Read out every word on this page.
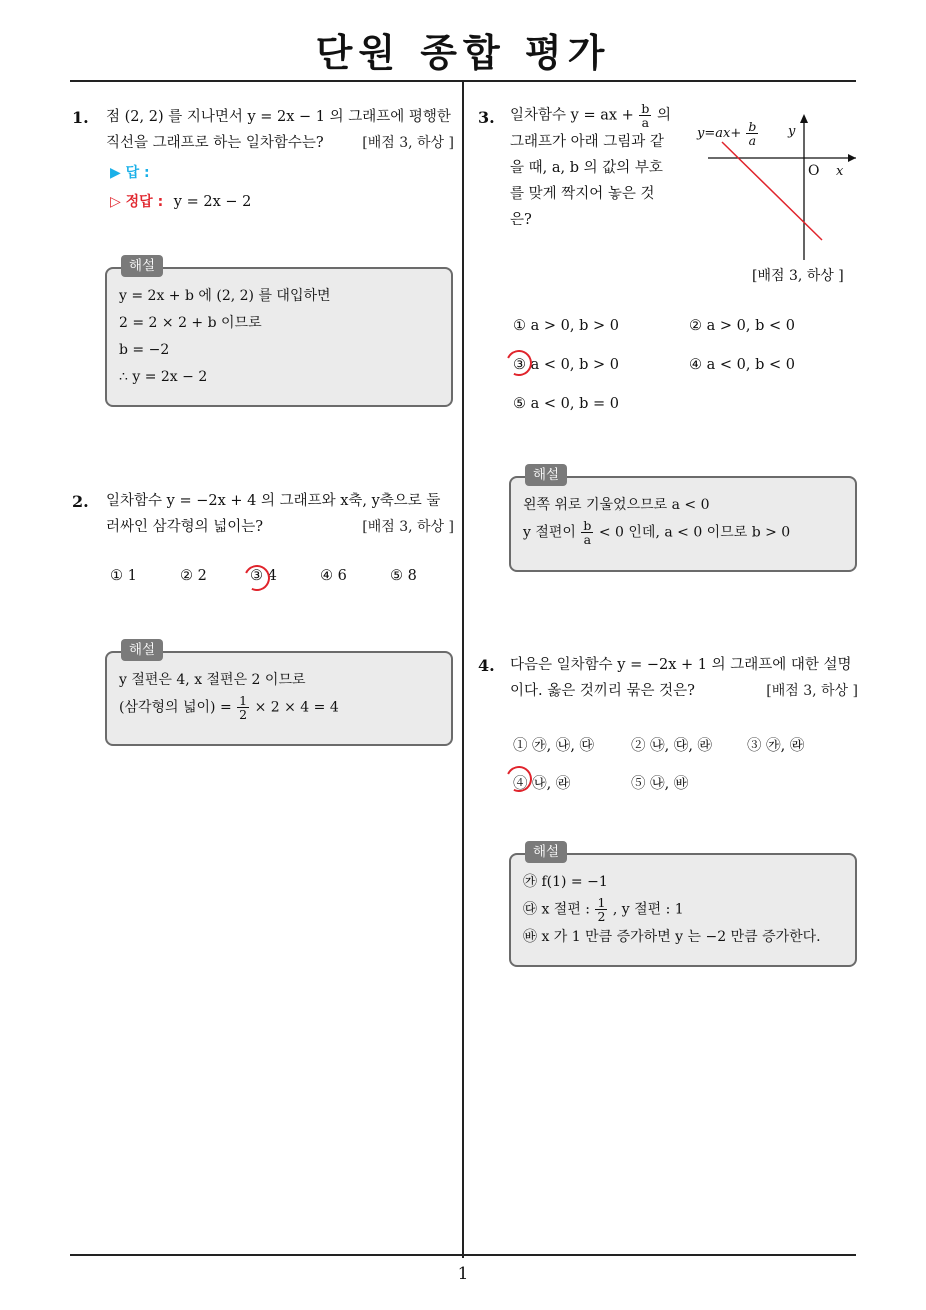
단원 종합 평가
1. 점 (2, 2) 를 지나면서 y = 2x − 1 의 그래프에 평행한
직선을 그래프로 하는 일차함수는?	[배점 3, 하상 ]
▶ 답 :
▷ 정답 : y = 2x − 2
해설
y = 2x + b 에 (2, 2) 를 대입하면
2 = 2 × 2 + b 이므로
b = −2
∴ y = 2x − 2
2. 일차함수 y = −2x + 4 의 그래프와 x축, y축으로 둘
러싸인 삼각형의 넓이는?	[배점 3, 하상 ]
① 1	② 2	③ 4	④ 6	⑤ 8
해설
y 절편은 4, x 절편은 2 이므로
(삼각형의 넓이) = $\frac{1}{2} \times 2 \times 4 = 4$
3. 일차함수 y = ax + $\frac{b}{a}$ 의
그래프가 아래 그림과 같
을 때, a, b 의 값의 부호
를 맞게 짝지어 놓은 것
은?
$y=ax+ \frac{b}{a}$ y
x
O
[배점 3, 하상 ]
① a > 0, b > 0	② a > 0, b < 0
③ a < 0, b > 0	④ a < 0, b < 0
⑤ a < 0, b = 0
해설
왼쪽 위로 기울었으므로 a < 0
y 절편이 $\frac{b}{a} < 0$ 인데, a < 0 이므로 b > 0
4. 다음은 일차함수 y = −2x + 1 의 그래프에 대한 설명
이다. 옳은 것끼리 묶은 것은?	[배점 3, 하상 ]
① ㉮, ㉯, ㉰	② ㉯, ㉰, ㉱ ③ ㉮, ㉱
④ ㉯, ㉱	⑤ ㉯, ㉳
해설
㉮ f(1) = −1
㉰ x 절편 : $\frac{1}{2}$ , y 절편 : 1
㉳ x 가 1 만큼 증가하면 y 는 −2 만큼 증가한다.
1
